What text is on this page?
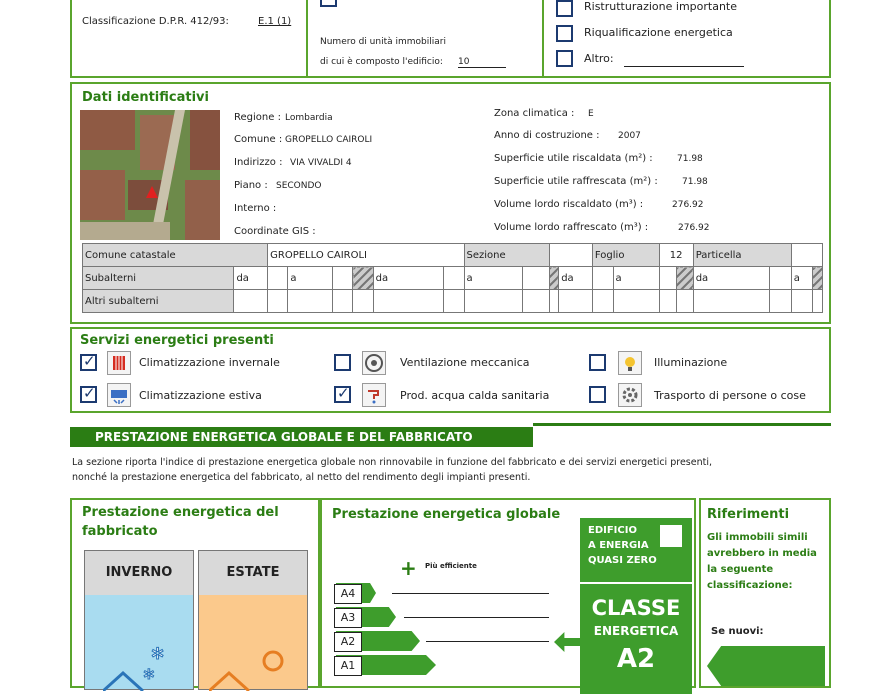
Classificazione D.P.R. 412/93:	E.1 (1)
Numero di unità immobiliari
di cui è composto l'edificio: 10
Ristrutturazione importante
Riqualificazione energetica
Altro:
Dati identificativi
Regione : Lombardia
Comune : GROPELLO CAIROLI
Indirizzo : VIA VIVALDI 4
Piano : SECONDO
Interno :
Coordinate GIS :
Zona climatica : E
Anno di costruzione : 2007
Superficie utile riscaldata (m²) :	71.98
Superficie utile raffrescata (m²) :	71.98
Volume lordo riscaldato (m³) :	276.92
Volume lordo raffrescato (m³) :	276.92
Comune catastale		GROPELLO CAIROLI						Sezione				Foglio		12		Particella			
Subalterni	da		a			da		a			da		a			da		a	
Altri subalterni																			
Servizi energetici presenti
✓
Climatizzazione invernale
✓
Climatizzazione estiva
Ventilazione meccanica
✓
Prod. acqua calda sanitaria
Illuminazione
Trasporto di persone o cose
PRESTAZIONE ENERGETICA GLOBALE E DEL FABBRICATO
La sezione riporta l'indice di prestazione energetica globale non rinnovabile in funzione del fabbricato e dei servizi energetici presenti,
nonché la prestazione energetica del fabbricato, al netto del rendimento degli impianti presenti.
Prestazione energetica del
fabbricato
INVERNO
✲
✲
ESTATE
Prestazione energetica globale
+ Più efficiente
A4
A3
A2
A1
EDIFICIO
A ENERGIA
QUASI ZERO
CLASSE
ENERGETICA
A2
Riferimenti
Gli immobili simili
avrebbero in media
la seguente
classificazione:
Se nuovi:
